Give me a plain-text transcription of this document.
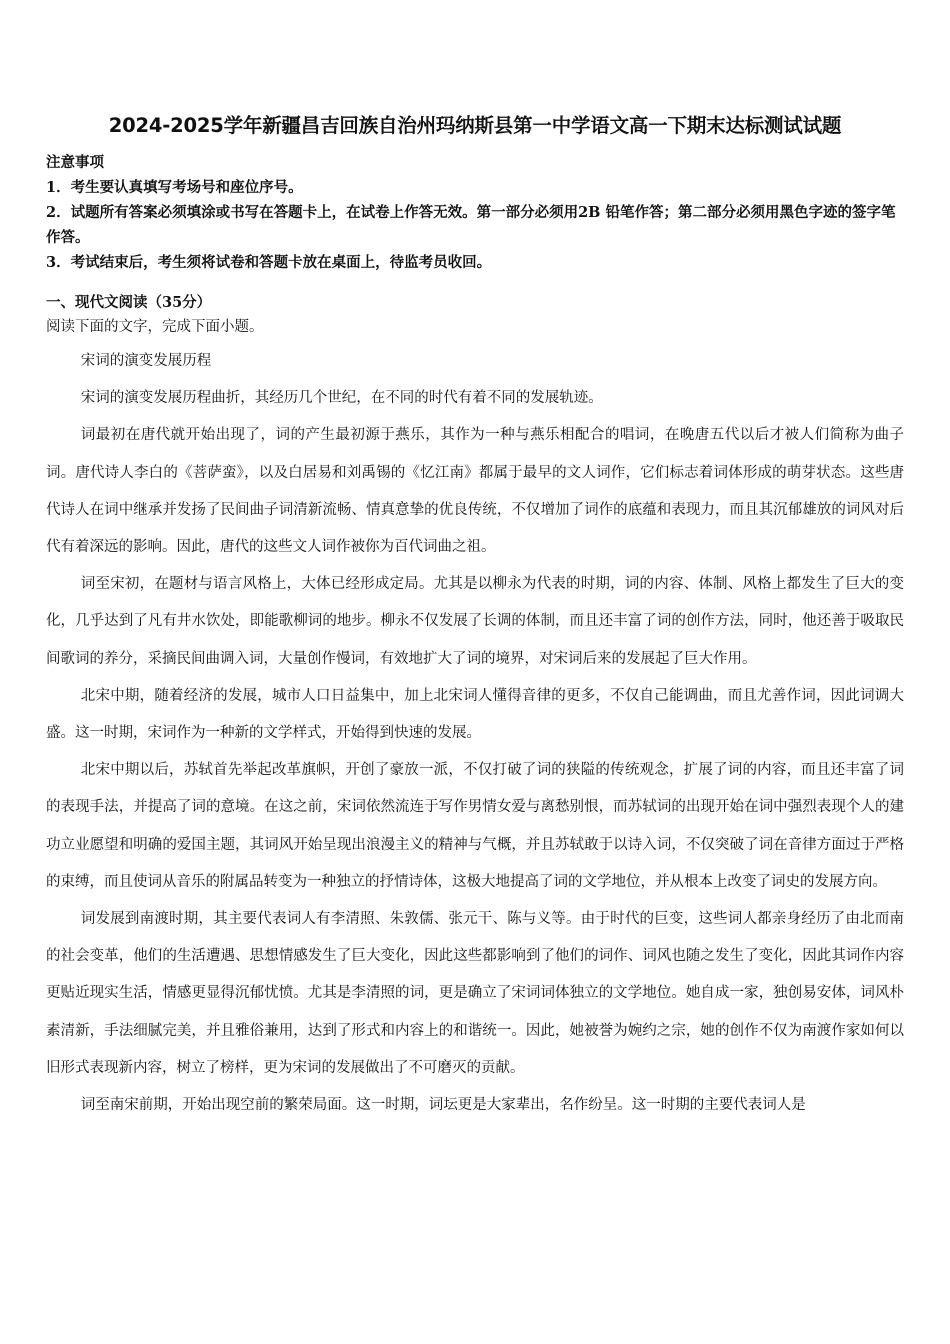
2024-2025学年新疆昌吉回族自治州玛纳斯县第一中学语文高一下期末达标测试试题

注意事项

1．考生要认真填写考场号和座位序号。

2．试题所有答案必须填涂或书写在答题卡上，在试卷上作答无效。第一部分必须用2B 铅笔作答；第二部分必须用黑色字迹的签字笔作答。

3．考试结束后，考生须将试卷和答题卡放在桌面上，待监考员收回。

一、现代文阅读（35分）
阅读下面的文字，完成下面小题。

宋词的演变发展历程

宋词的演变发展历程曲折，其经历几个世纪，在不同的时代有着不同的发展轨迹。

词最初在唐代就开始出现了，词的产生最初源于燕乐，其作为一种与燕乐相配合的唱词，在晚唐五代以后才被人们简称为曲子词。唐代诗人李白的《菩萨蛮》，以及白居易和刘禹锡的《忆江南》都属于最早的文人词作，它们标志着词体形成的萌芽状态。这些唐代诗人在词中继承并发扬了民间曲子词清新流畅、情真意挚的优良传统，不仅增加了词作的底蕴和表现力，而且其沉郁雄放的词风对后代有着深远的影响。因此，唐代的这些文人词作被你为百代词曲之祖。

词至宋初，在题材与语言风格上，大体已经形成定局。尤其是以柳永为代表的时期，词的内容、体制、风格上都发生了巨大的变化，几乎达到了凡有井水饮处，即能歌柳词的地步。柳永不仅发展了长调的体制，而且还丰富了词的创作方法，同时，他还善于吸取民间歌词的养分，采摘民间曲调入词，大量创作慢词，有效地扩大了词的境界，对宋词后来的发展起了巨大作用。

北宋中期，随着经济的发展，城市人口日益集中，加上北宋词人懂得音律的更多，不仅自己能调曲，而且尤善作词，因此词调大盛。这一时期，宋词作为一种新的文学样式，开始得到快速的发展。

北宋中期以后，苏轼首先举起改革旗帜，开创了豪放一派，不仅打破了词的狭隘的传统观念，扩展了词的内容，而且还丰富了词的表现手法，并提高了词的意境。在这之前，宋词依然流连于写作男情女爱与离愁别恨，而苏轼词的出现开始在词中强烈表现个人的建功立业愿望和明确的爱国主题，其词风开始呈现出浪漫主义的精神与气概，并且苏轼敢于以诗入词，不仅突破了词在音律方面过于严格的束缚，而且使词从音乐的附属品转变为一种独立的抒情诗体，这极大地提高了词的文学地位，并从根本上改变了词史的发展方向。

词发展到南渡时期，其主要代表词人有李清照、朱敦儒、张元干、陈与义等。由于时代的巨变，这些词人都亲身经历了由北而南的社会变革，他们的生活遭遇、思想情感发生了巨大变化，因此这些都影响到了他们的词作、词风也随之发生了变化，因此其词作内容更贴近现实生活，情感更显得沉郁忧愤。尤其是李清照的词，更是确立了宋词词体独立的文学地位。她自成一家，独创易安体，词风朴素清新，手法细腻完美，并且雅俗兼用，达到了形式和内容上的和谐统一。因此，她被誉为婉约之宗，她的创作不仅为南渡作家如何以旧形式表现新内容，树立了榜样，更为宋词的发展做出了不可磨灭的贡献。

词至南宋前期，开始出现空前的繁荣局面。这一时期，词坛更是大家辈出，名作纷呈。这一时期的主要代表词人是
